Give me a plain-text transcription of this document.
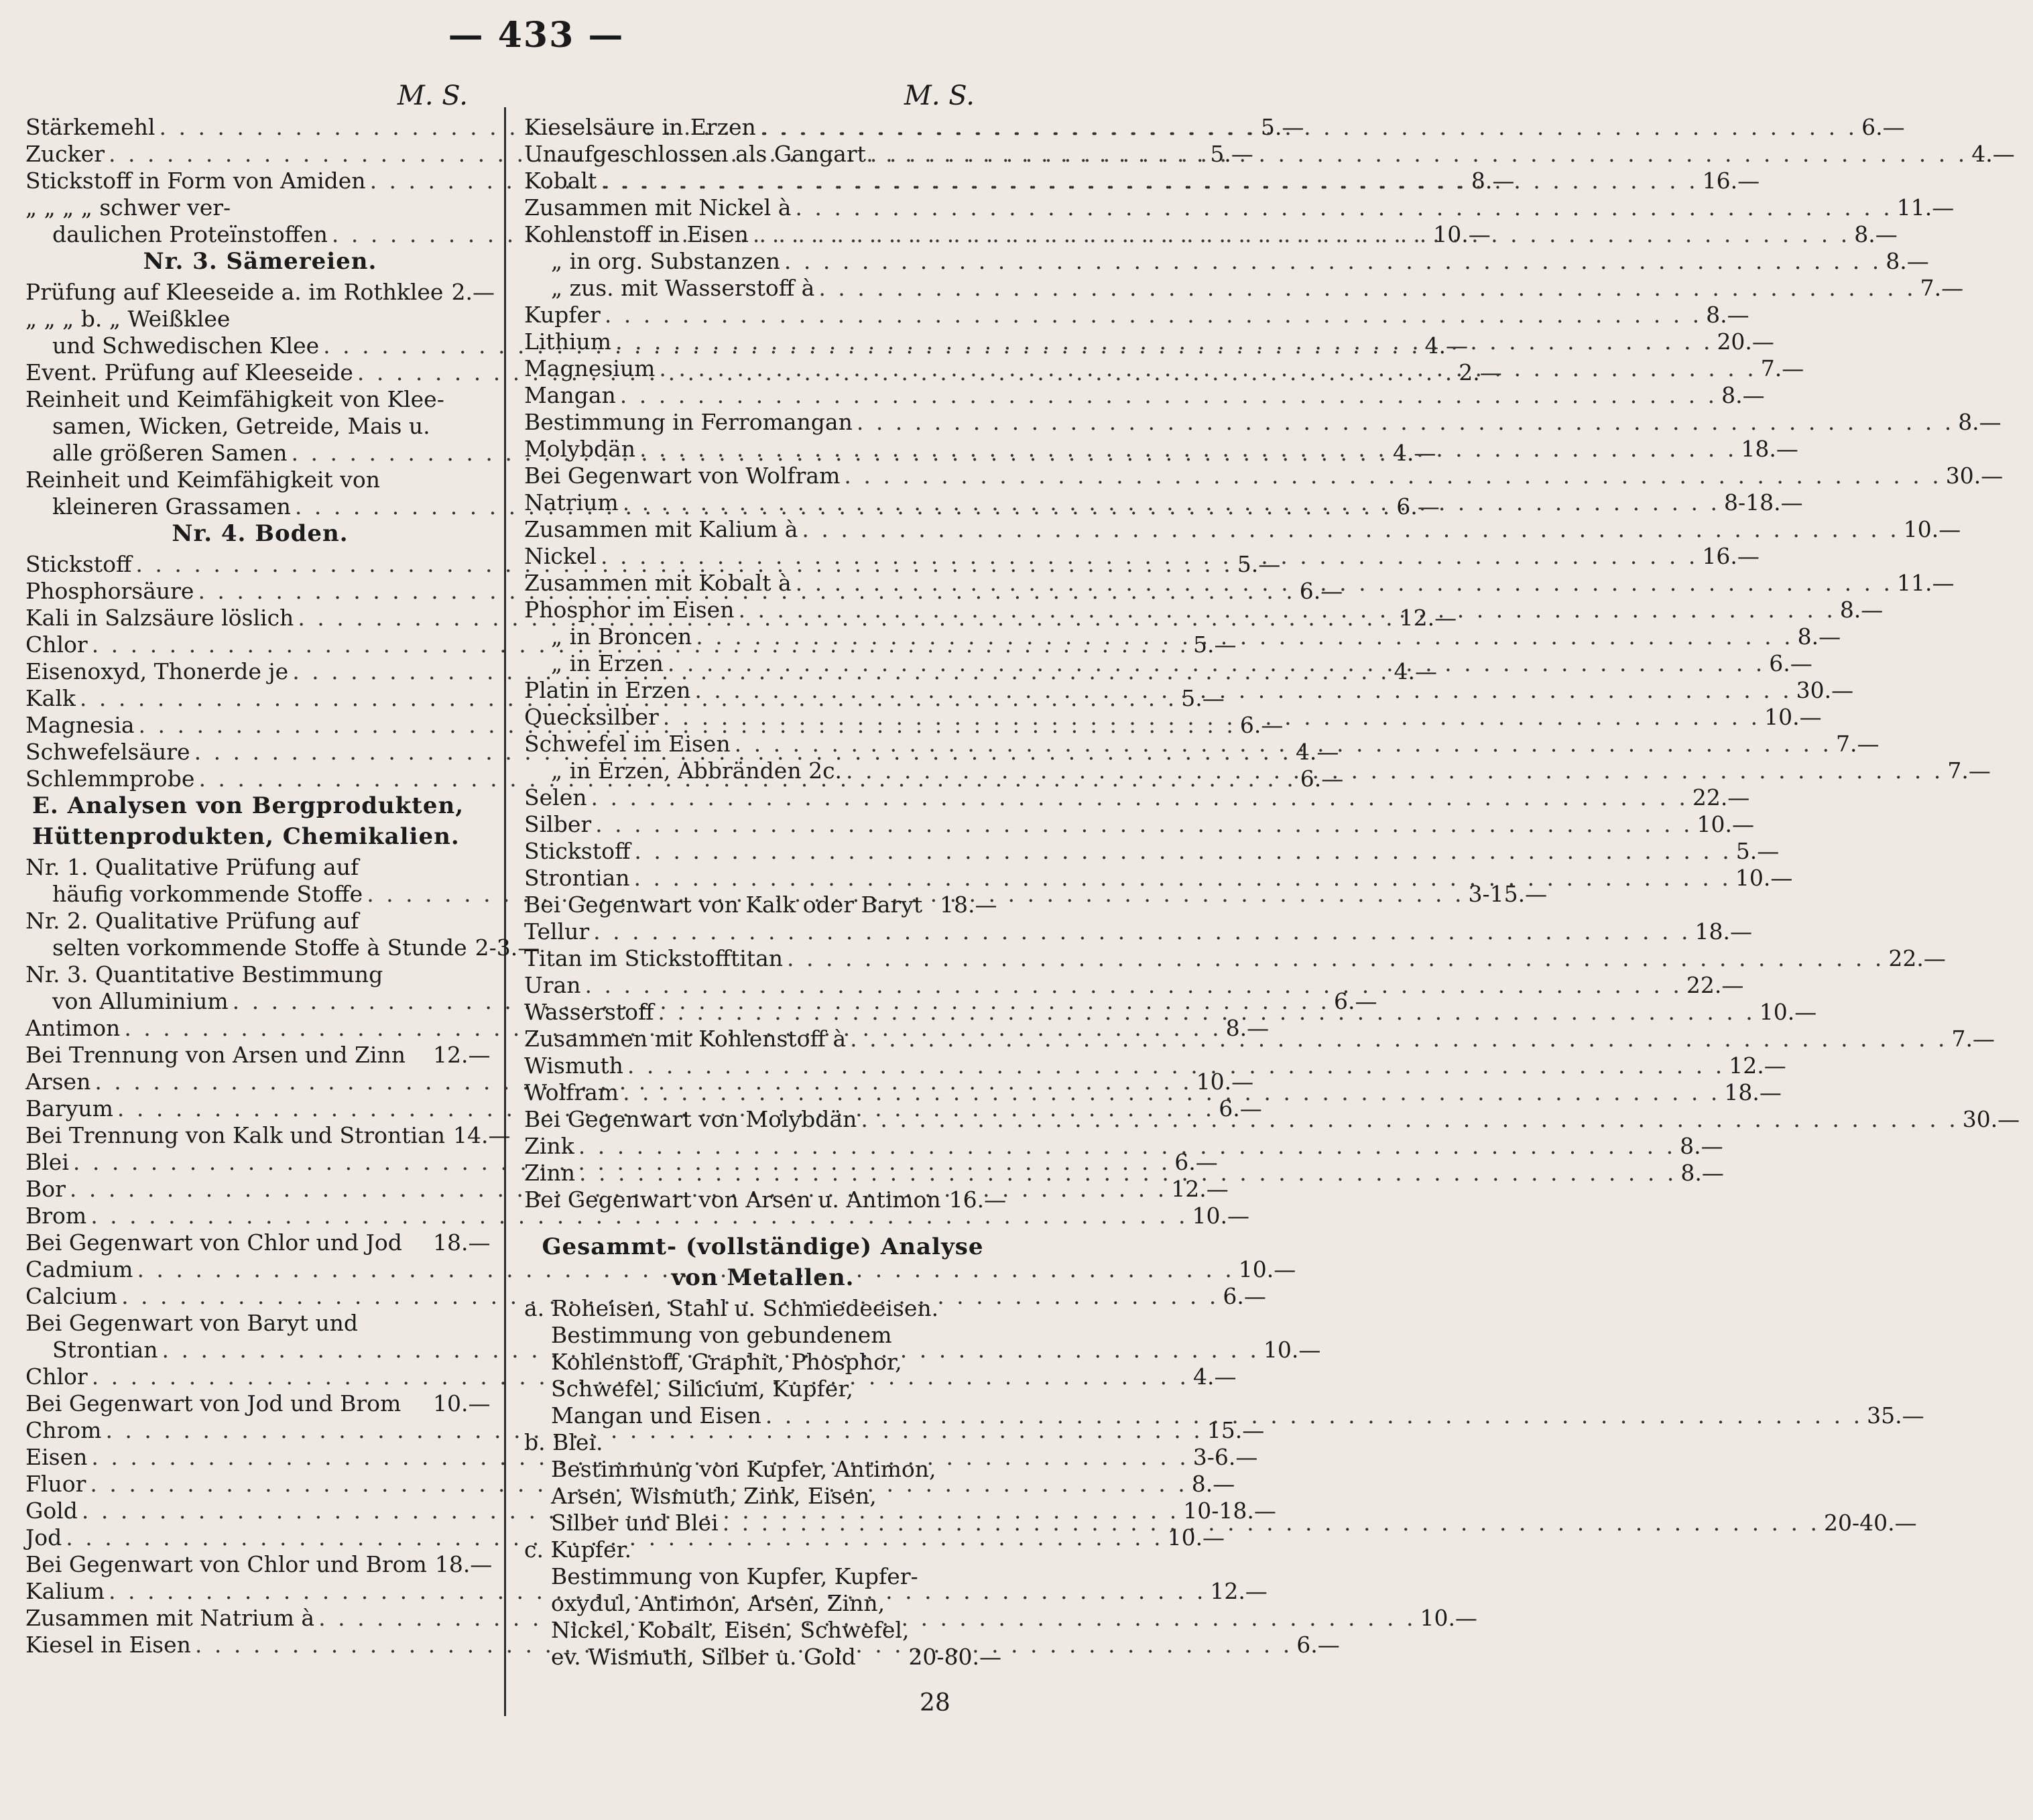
— 433 —
M. S.
Stärkemehl . . .	5.—
Zucker . . .	5.—
Stickstoff in Form von Amiden . . .	8.—
„ „ „ „ schwer ver-
daulichen Proteïnstoffen . . .	10.—
Nr. 3. Sämereien.
Prüfung auf Kleeseide a. im Rothklee 2.—
„ „ „ b. „ Weißklee
und Schwedischen Klee . . .	4.—
Event. Prüfung auf Kleeseide . . .	2.—
Reinheit und Keimfähigkeit von Klee-
samen, Wicken, Getreide, Mais u.
alle größeren Samen . . .	4.—
Reinheit und Keimfähigkeit von
kleineren Grassamen . . .	6.—
Nr. 4. Boden.
Stickstoff . . .	5.—
Phosphorsäure . . .	6.—
Kali in Salzsäure löslich . . .	12.—
Chlor . . .	5.—
Eisenoxyd, Thonerde je . . .	4.—
Kalk . . .	5.—
Magnesia . . .	6.—
Schwefelsäure . . .	4.—
Schlemmprobe . . .	6.—
E. Analysen von Bergprodukten,
Hüttenprodukten, Chemikalien.
Nr. 1. Qualitative Prüfung auf
häufig vorkommende Stoffe . . .	3-15.—
Nr. 2. Qualitative Prüfung auf
selten vorkommende Stoffe à Stunde 2-3.—
Nr. 3. Quantitative Bestimmung
von Alluminium . . .	6.—
Antimon . . .	8.—
Bei Trennung von Arsen und Zinn 12.—
Arsen . . .	10.—
Baryum . . .	6.—
Bei Trennung von Kalk und Strontian 14.—
Blei . . .	6.—
Bor . . .	12.—
Brom . . .	10.—
Bei Gegenwart von Chlor und Jod 18.—
Cadmium . . .	10.—
Calcium . . .	6.—
Bei Gegenwart von Baryt und
Strontian . . .	10.—
Chlor . . .	4.—
Bei Gegenwart von Jod und Brom 10.—
Chrom . . .	15.—
Eisen . . .	3-6.—
Fluor . . .	8.—
Gold . . .	10-18.—
Jod . . .	10.—
Bei Gegenwart von Chlor und Brom 18.—
Kalium . . .	12.—
Zusammen mit Natrium à . . .	10.—
Kiesel in Eisen . . .	6.—
M. S.
Kieselsäure in Erzen . . .	6.—
Unaufgeschlossen als Gangart . . .	4.—
Kobalt . . .	16.—
Zusammen mit Nickel à . . .	11.—
Kohlenstoff in Eisen . . .	8.—
„ in org. Substanzen . . .	8.—
„ zus. mit Wasserstoff à . . .	7.—
Kupfer . . .	8.—
Lithium . . .	20.—
Magnesium . . .	7.—
Mangan . . .	8.—
Bestimmung in Ferromangan . . .	8.—
Molybdän . . .	18.—
Bei Gegenwart von Wolfram . . .	30.—
Natrium . . .	8-18.—
Zusammen mit Kalium à . . .	10.—
Nickel . . .	16.—
Zusammen mit Kobalt à . . .	11.—
Phosphor im Eisen . . .	8.—
„ in Broncen . . .	8.—
„ in Erzen . . .	6.—
Platin in Erzen . . .	30.—
Quecksilber . . .	10.—
Schwefel im Eisen . . .	7.—
„ in Erzen, Abbränden 2c. . . .	7.—
Selen . . .	22.—
Silber . . .	10.—
Stickstoff . . .	5.—
Strontian . . .	10.—
Bei Gegenwart von Kalk oder Baryt 18.—
Tellur . . .	18.—
Titan im Stickstofftitan . . .	22.—
Uran . . .	22.—
Wasserstoff . . .	10.—
Zusammen mit Kohlenstoff à . . .	7.—
Wismuth . . .	12.—
Wolfram . . .	18.—
Bei Gegenwart von Molybdän . . .	30.—
Zink . . .	8.—
Zinn . . .	8.—
Bei Gegenwart von Arsen u. Antimon 16.—
Gesammt- (vollständige) Analyse
von Metallen.
a. Roheisen, Stahl u. Schmiedeeisen.
Bestimmung von gebundenem
Kohlenstoff, Graphit, Phosphor,
Schwefel, Silicium, Kupfer,
Mangan und Eisen . . .	35.—
b. Blei.
Bestimmung von Kupfer, Antimon,
Arsen, Wismuth, Zink, Eisen,
Silber und Blei . . .	20-40.—
c. Kupfer.
Bestimmung von Kupfer, Kupfer-
oxydul, Antimon, Arsen, Zinn,
Nickel, Kobalt, Eisen, Schwefel,
ev. Wismuth, Silber u. Gold 20-80.—
28
